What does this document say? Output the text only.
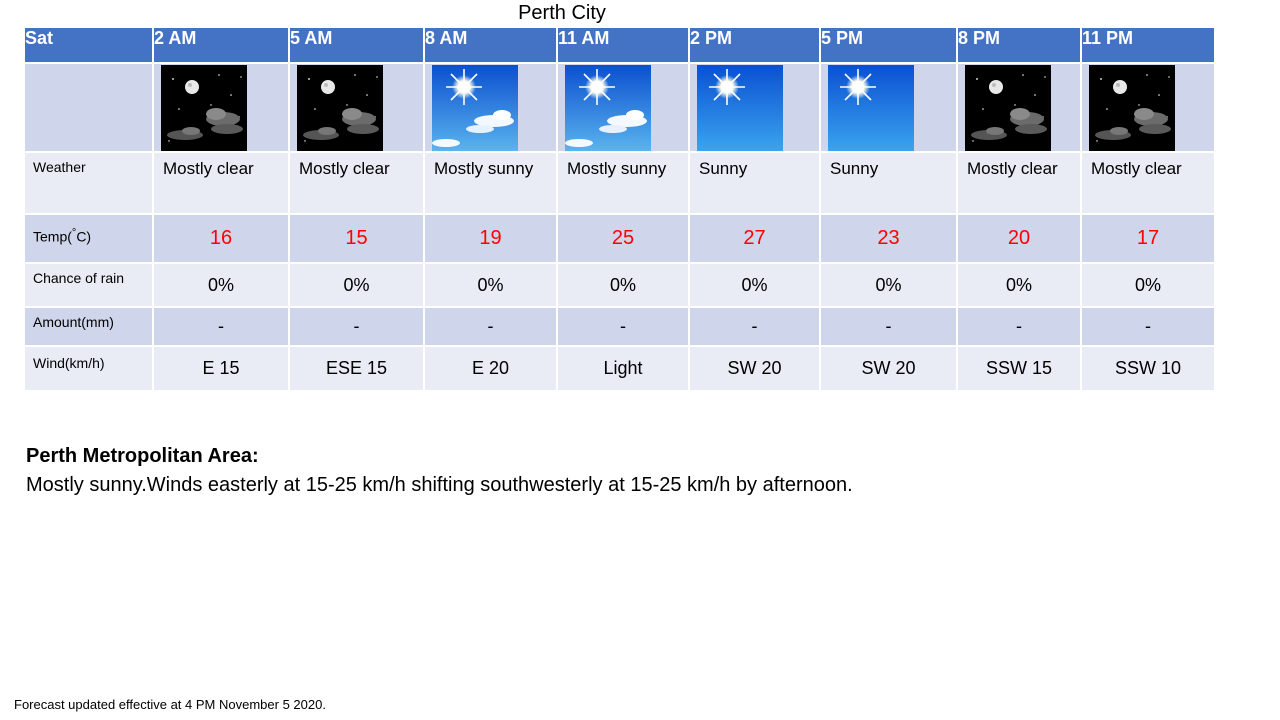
Perth City
Sat	2 AM	5 AM	8 AM	11 AM	2 PM	5 PM	8 PM	11 PM

Weather	Mostly clear	Mostly clear	Mostly sunny	Mostly sunny	Sunny	Sunny	Mostly clear	Mostly clear
Temp(°C)	16	15	19	25	27	23	20	17
Chance of rain	0%	0%	0%	0%	0%	0%	0%	0%
Amount(mm)	-	-	-	-	-	-	-	-
Wind(km/h)	E 15	ESE 15	E 20	Light	SW 20	SW 20	SSW 15	SSW 10
Perth Metropolitan Area:
Mostly sunny.Winds easterly at 15-25 km/h shifting southwesterly at 15-25 km/h by afternoon.
Forecast updated effective at 4 PM November 5 2020.
